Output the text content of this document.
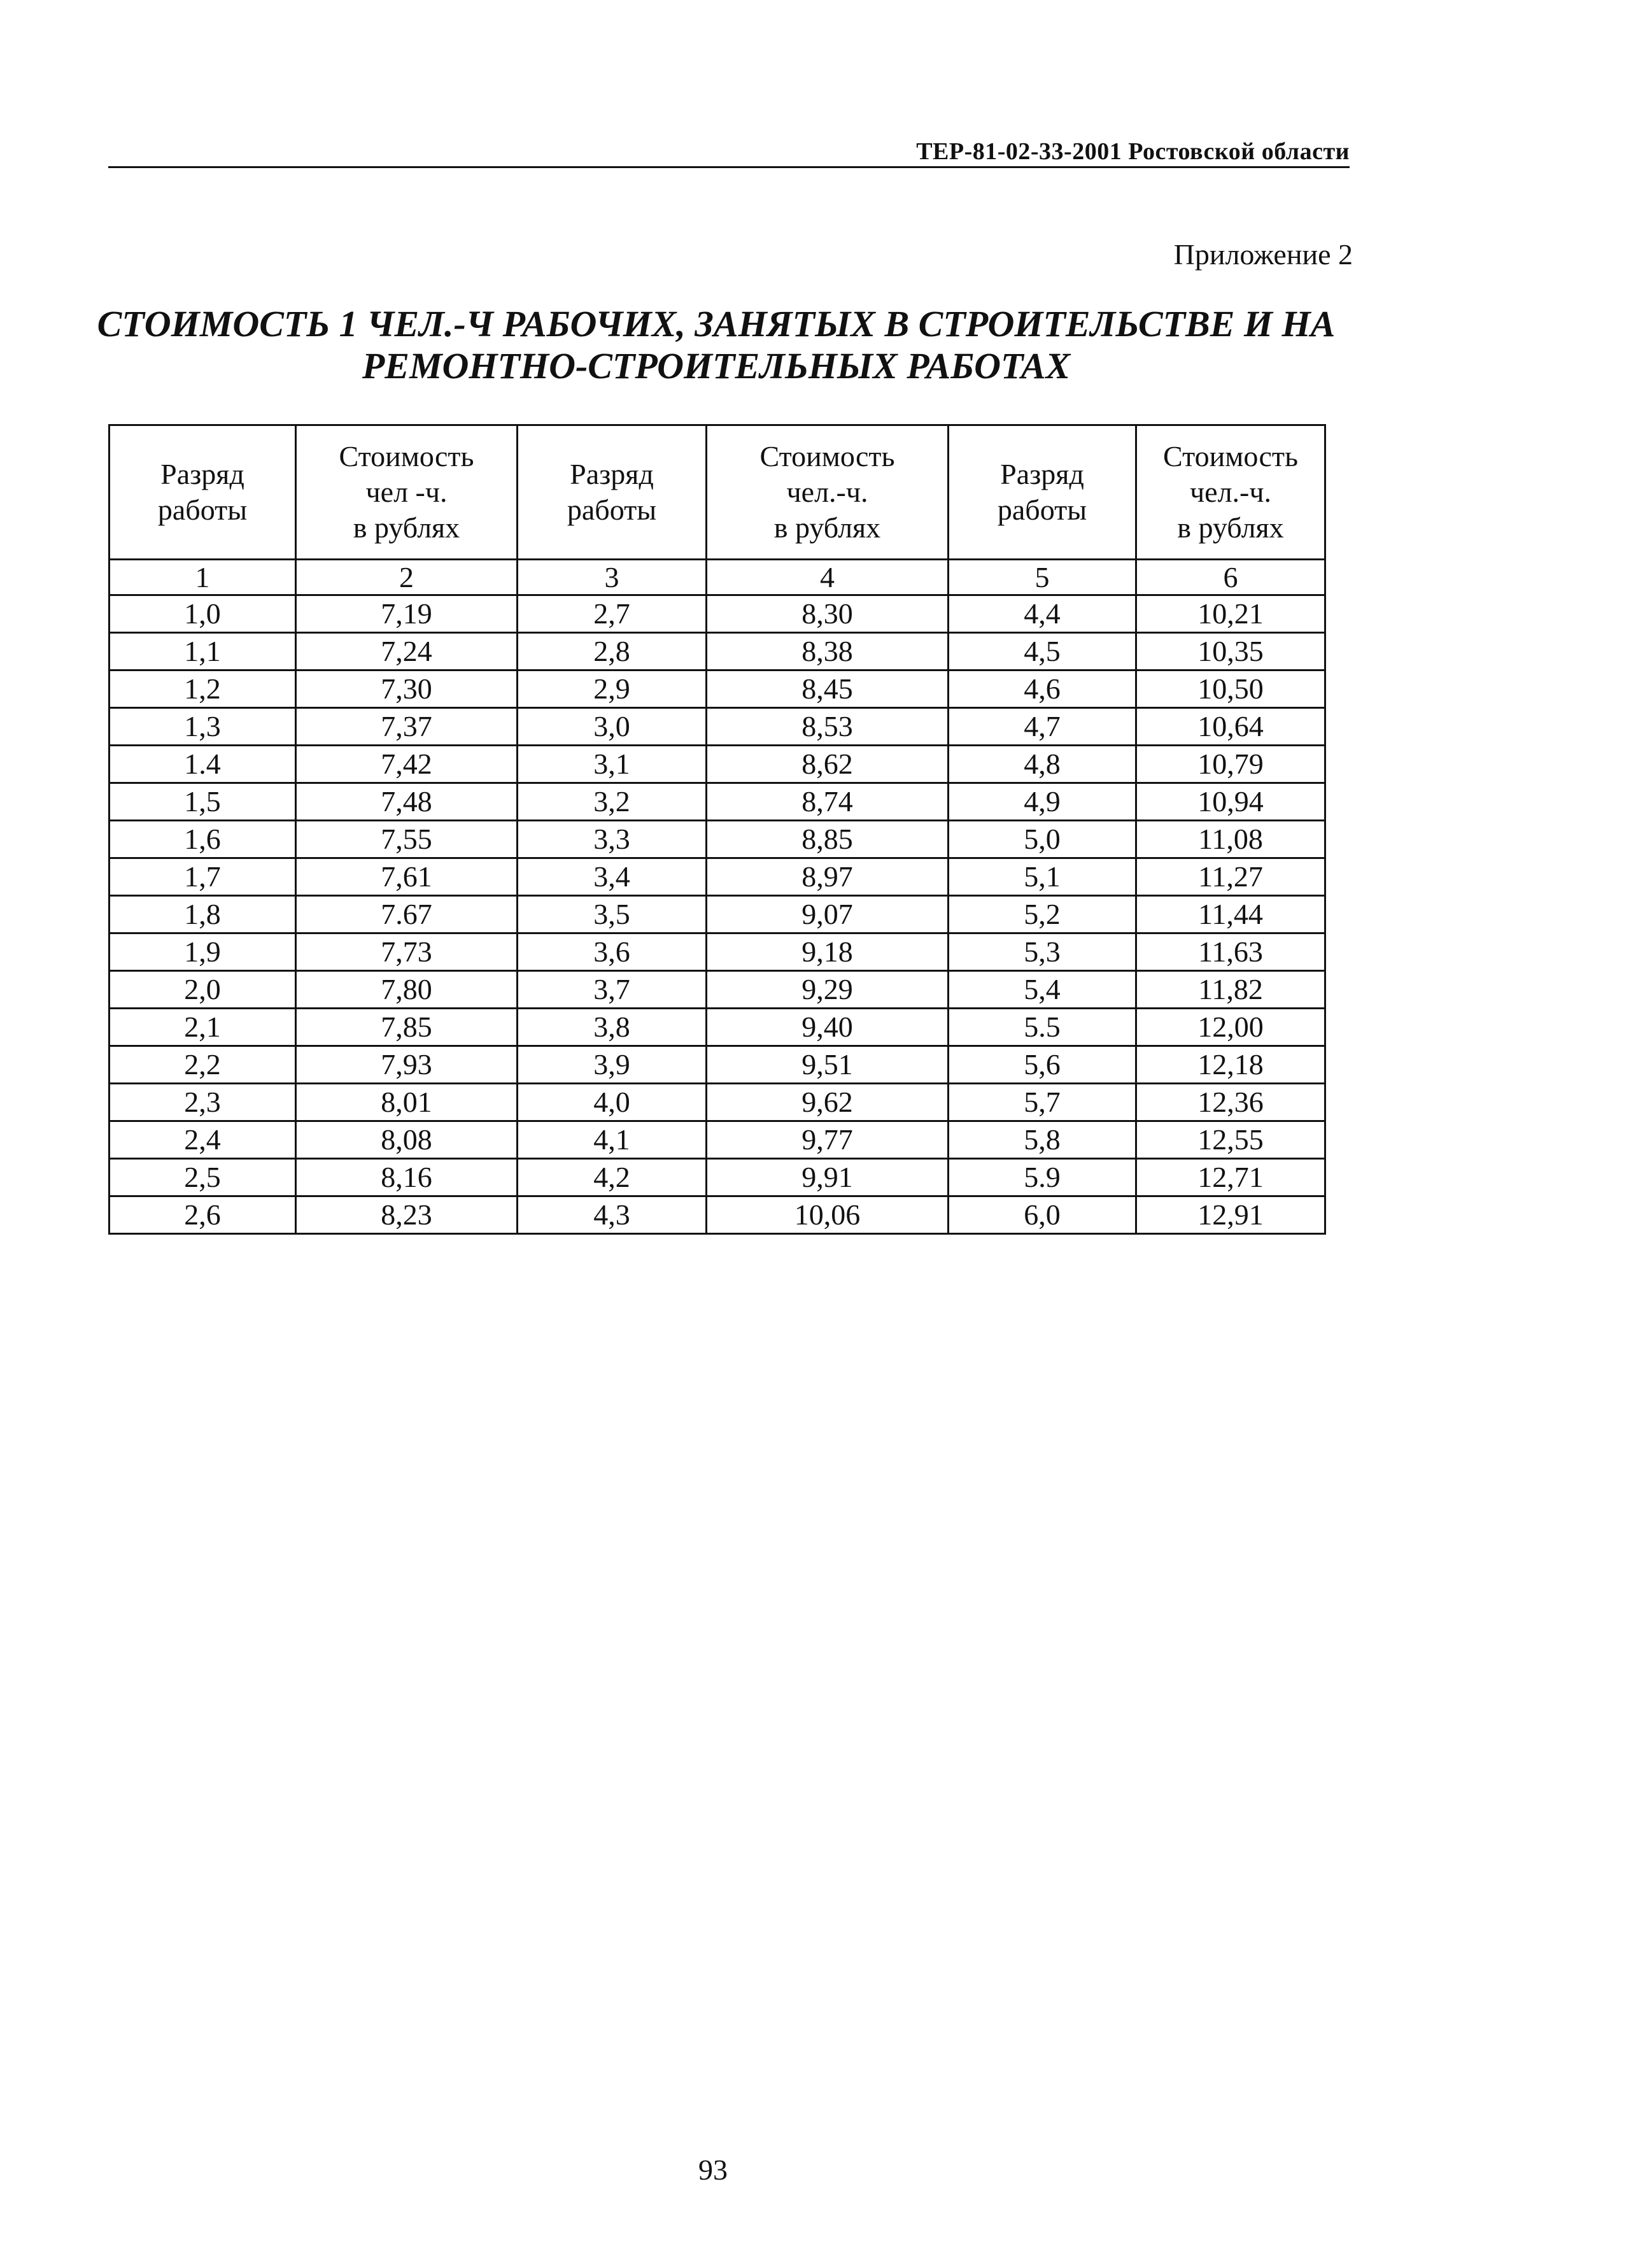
ТЕР-81-02-33-2001 Ростовской области
Приложение 2
СТОИМОСТЬ 1 ЧЕЛ.-Ч РАБОЧИХ, ЗАНЯТЫХ В СТРОИТЕЛЬСТВЕ И НА
РЕМОНТНО-СТРОИТЕЛЬНЫХ РАБОТАХ
Разряд
работы	Стоимость
чел -ч.
в рублях	Разряд
работы	Стоимость
чел.-ч.
в рублях	Разряд
работы	Стоимость
чел.-ч.
в рублях

1	2	3	4	5	6
1,0	7,19	2,7	8,30	4,4	10,21
1,1	7,24	2,8	8,38	4,5	10,35
1,2	7,30	2,9	8,45	4,6	10,50
1,3	7,37	3,0	8,53	4,7	10,64
1.4	7,42	3,1	8,62	4,8	10,79
1,5	7,48	3,2	8,74	4,9	10,94
1,6	7,55	3,3	8,85	5,0	11,08
1,7	7,61	3,4	8,97	5,1	11,27
1,8	7.67	3,5	9,07	5,2	11,44
1,9	7,73	3,6	9,18	5,3	11,63
2,0	7,80	3,7	9,29	5,4	11,82
2,1	7,85	3,8	9,40	5.5	12,00
2,2	7,93	3,9	9,51	5,6	12,18
2,3	8,01	4,0	9,62	5,7	12,36
2,4	8,08	4,1	9,77	5,8	12,55
2,5	8,16	4,2	9,91	5.9	12,71
2,6	8,23	4,3	10,06	6,0	12,91
93
